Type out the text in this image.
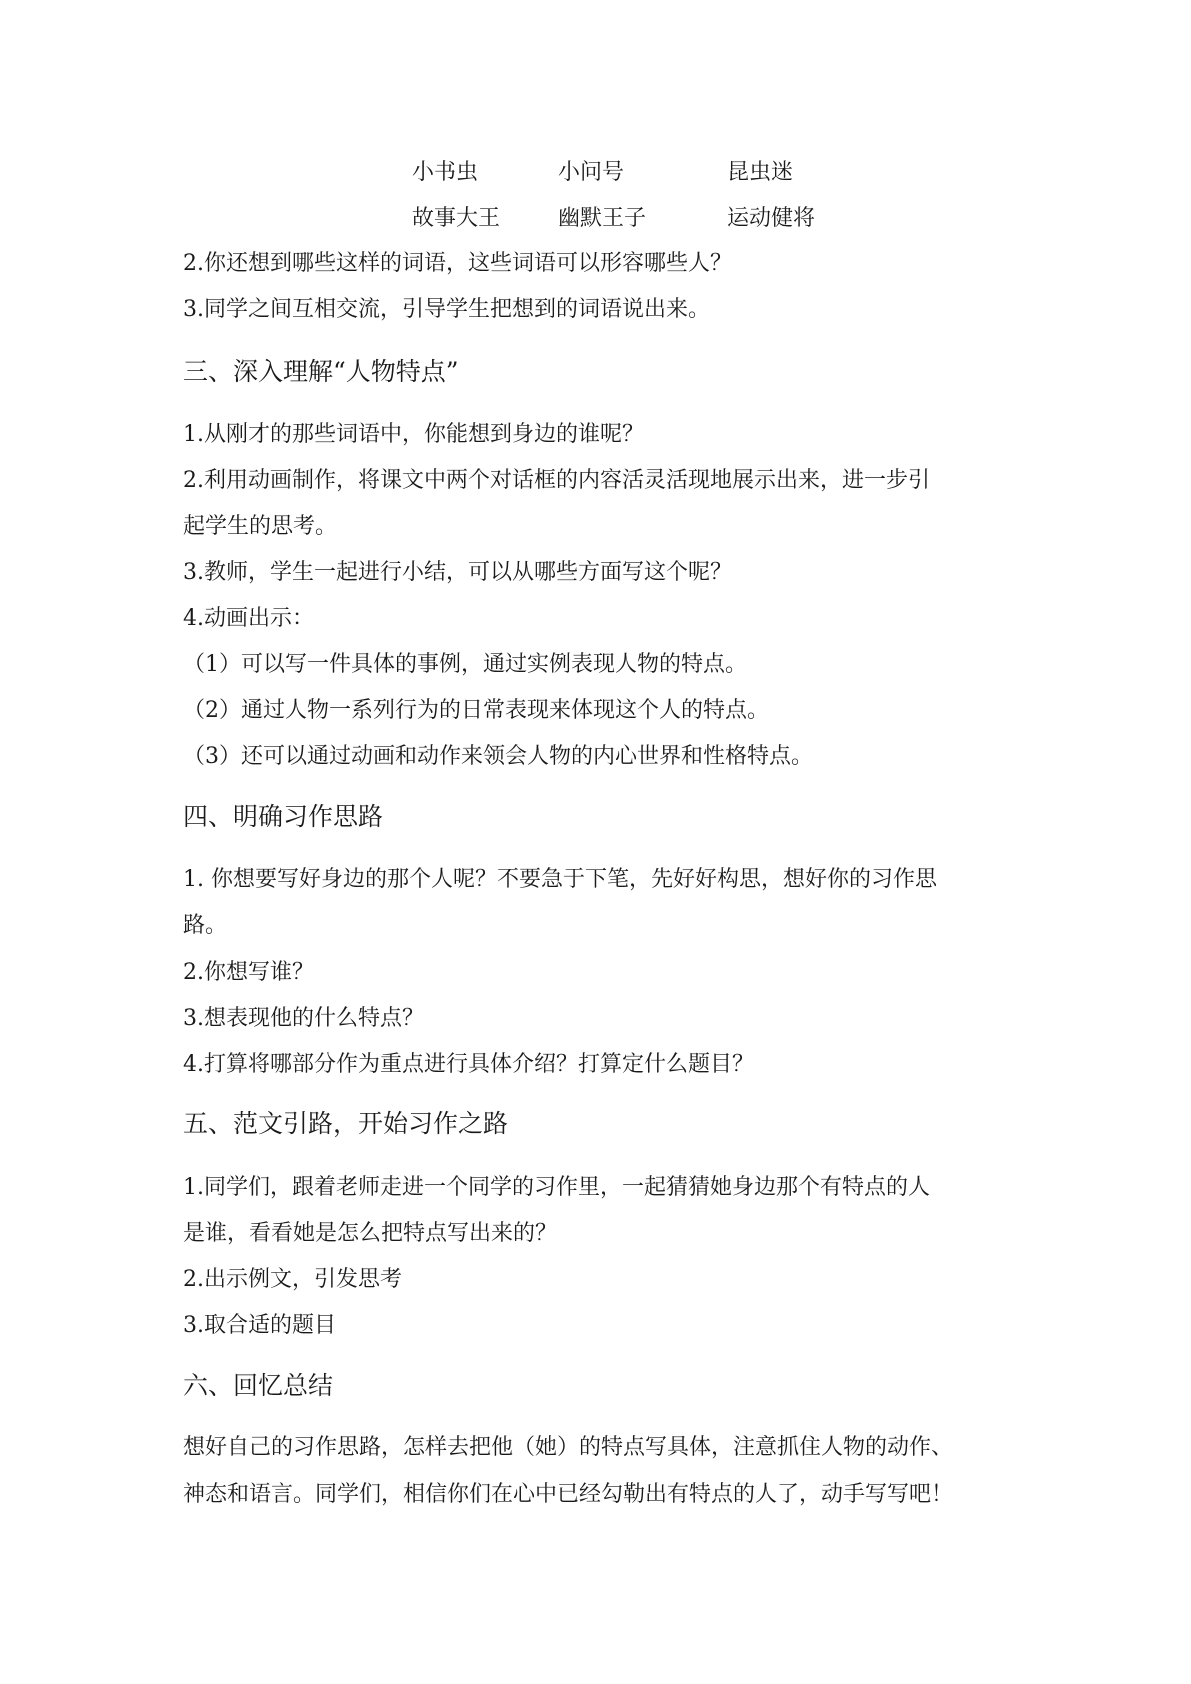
小书虫	小问号	昆虫迷
故事大王	幽默王子	运动健将
2.你还想到哪些这样的词语，这些词语可以形容哪些人？
3.同学之间互相交流，引导学生把想到的词语说出来。
三、深入理解“人物特点”
1.从刚才的那些词语中，你能想到身边的谁呢？
2.利用动画制作，将课文中两个对话框的内容活灵活现地展示出来，进一步引
起学生的思考。
3.教师，学生一起进行小结，可以从哪些方面写这个呢？
4.动画出示：
（1）可以写一件具体的事例，通过实例表现人物的特点。
（2）通过人物一系列行为的日常表现来体现这个人的特点。
（3）还可以通过动画和动作来领会人物的内心世界和性格特点。
四、明确习作思路
1. 你想要写好身边的那个人呢？不要急于下笔，先好好构思，想好你的习作思
路。
2.你想写谁？
3.想表现他的什么特点？
4.打算将哪部分作为重点进行具体介绍？打算定什么题目？
五、范文引路，开始习作之路
1.同学们，跟着老师走进一个同学的习作里，一起猜猜她身边那个有特点的人
是谁，看看她是怎么把特点写出来的？
2.出示例文，引发思考
3.取合适的题目
六、回忆总结
想好自己的习作思路，怎样去把他（她）的特点写具体，注意抓住人物的动作、
神态和语言。同学们，相信你们在心中已经勾勒出有特点的人了，动手写写吧！
